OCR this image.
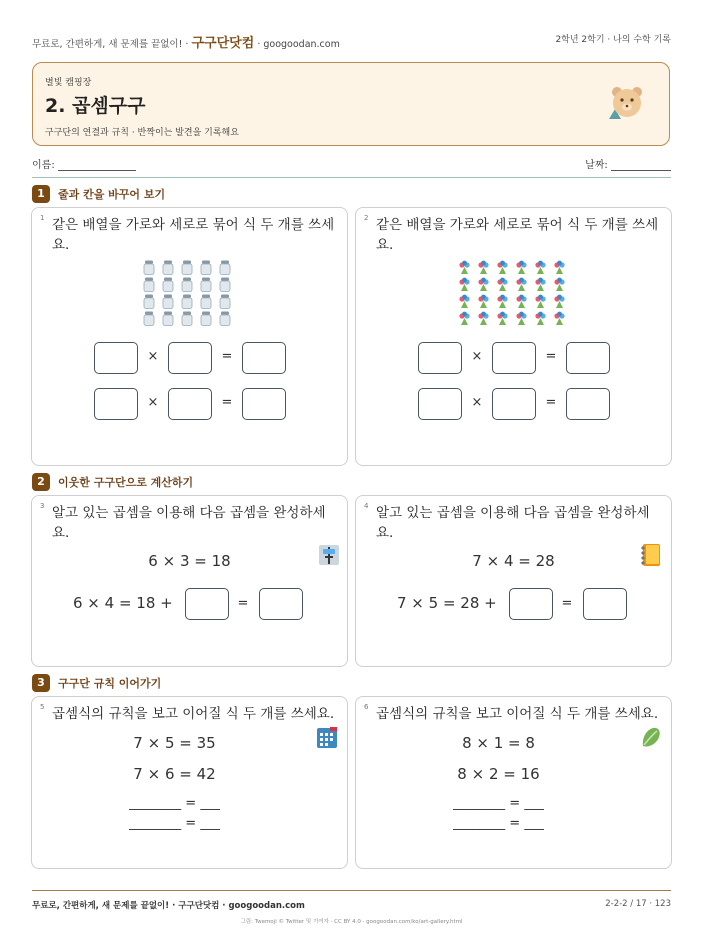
무료로, 간편하게, 새 문제를 끝없이! · 구구단닷컴 · googoodan.com	2학년 2학기 · 나의 수학 기록
별빛 캠핑장
2. 곱셈구구
구구단의 연결과 규칙 · 반짝이는 발견을 기록해요
이름:	날짜:
1 줄과 칸을 바꾸어 보기
1 같은 배열을 가로와 세로로 묶어 식 두 개를 쓰세요.
×	=
×	=
2 같은 배열을 가로와 세로로 묶어 식 두 개를 쓰세요.
×	=
×	=
2 이웃한 구구단으로 계산하기
3 알고 있는 곱셈을 이용해 다음 곱셈을 완성하세요.
6 × 3 = 18
6 × 4 = 18 +	=
4 알고 있는 곱셈을 이용해 다음 곱셈을 완성하세요.
7 × 4 = 28
7 × 5 = 28 +	=
3 구구단 규칙 이어가기
5 곱셈식의 규칙을 보고 이어질 식 두 개를 쓰세요.
7 × 5 = 35
7 × 6 = 42
________ = ___
________ = ___
6 곱셈식의 규칙을 보고 이어질 식 두 개를 쓰세요.
8 × 1 = 8
8 × 2 = 16
________ = ___
________ = ___
무료로, 간편하게, 새 문제를 끝없이! · 구구단닷컴 · googoodan.com	2-2-2 / 17 · 123
그림: Twemoji © Twitter 및 기여자 · CC BY 4.0 · googoodan.com/ko/art-gallery.html
